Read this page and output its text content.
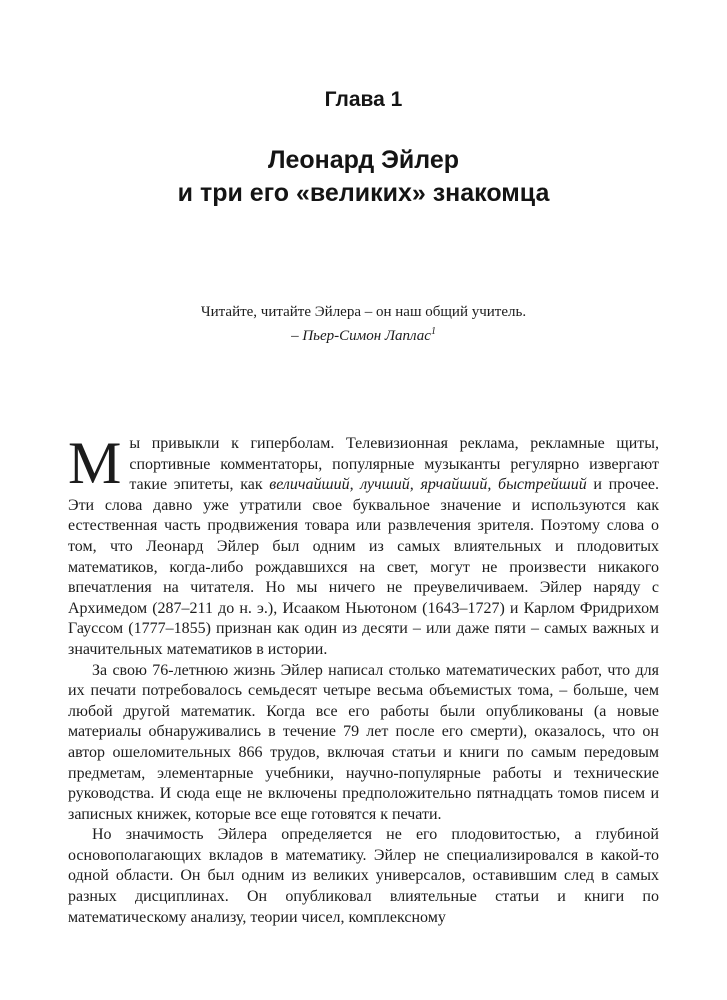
Глава 1
Леонард Эйлер
и три его «великих» знакомца
Читайте, читайте Эйлера – он наш общий учитель.
– Пьер-Симон Лаплас$^1$

Мы привыкли к гиперболам. Телевизионная реклама, рекламные щиты, спортивные комментаторы, популярные музыканты регулярно извергают такие эпитеты, как величайший, лучший, ярчайший, быстрейший и прочее. Эти слова давно уже утратили свое буквальное значение и используются как естественная часть продвижения товара или развлечения зрителя. Поэтому слова о том, что Леонард Эйлер был одним из самых влиятельных и плодовитых математиков, когда-либо рождавшихся на свет, могут не произвести никакого впечатления на читателя. Но мы ничего не преувеличиваем. Эйлер наряду с Архимедом (287–211 до н. э.), Исааком Ньютоном (1643–1727) и Карлом Фридрихом Гауссом (1777–1855) признан как один из десяти – или даже пяти – самых важных и значительных математиков в истории.

За свою 76-летнюю жизнь Эйлер написал столько математических работ, что для их печати потребовалось семьдесят четыре весьма объемистых тома, – больше, чем любой другой математик. Когда все его работы были опубликованы (а новые материалы обнаруживались в течение 79 лет после его смерти), оказалось, что он автор ошеломительных 866 трудов, включая статьи и книги по самым передовым предметам, элементарные учебники, научно-популярные работы и технические руководства. И сюда еще не включены предположительно пятнадцать томов писем и записных книжек, которые все еще готовятся к печати.

Но значимость Эйлера определяется не его плодовитостью, а глубиной основополагающих вкладов в математику. Эйлер не специализировался в какой-то одной области. Он был одним из великих универсалов, оставившим след в самых разных дисциплинах. Он опубликовал влиятельные статьи и книги по математическому анализу, теории чисел, комплексному
